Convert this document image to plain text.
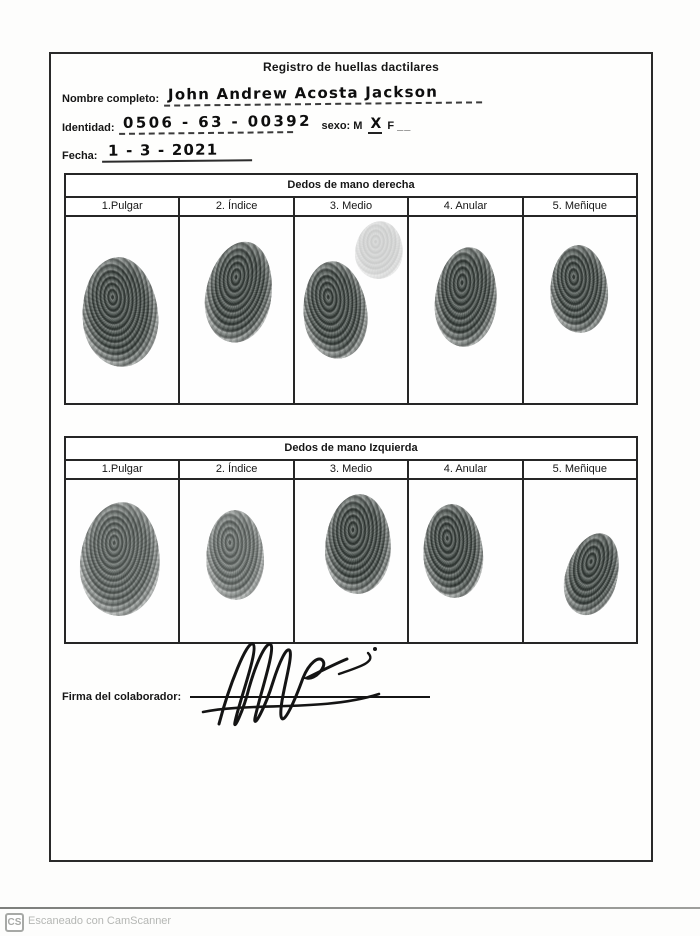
Registro de huellas dactilares
Nombre completo: John Andrew Acosta Jackson
Identidad: 0506 - 63 - 00392 sexo: M X F __
Fecha: 1 - 3 - 2021
Dedos de mano derecha
1.Pulgar	2. Índice	3. Medio	4. Anular	5. Meñique
Dedos de mano Izquierda
1.Pulgar	2. Índice	3. Medio	4. Anular	5. Meñique
Firma del colaborador:
CS Escaneado con CamScanner
